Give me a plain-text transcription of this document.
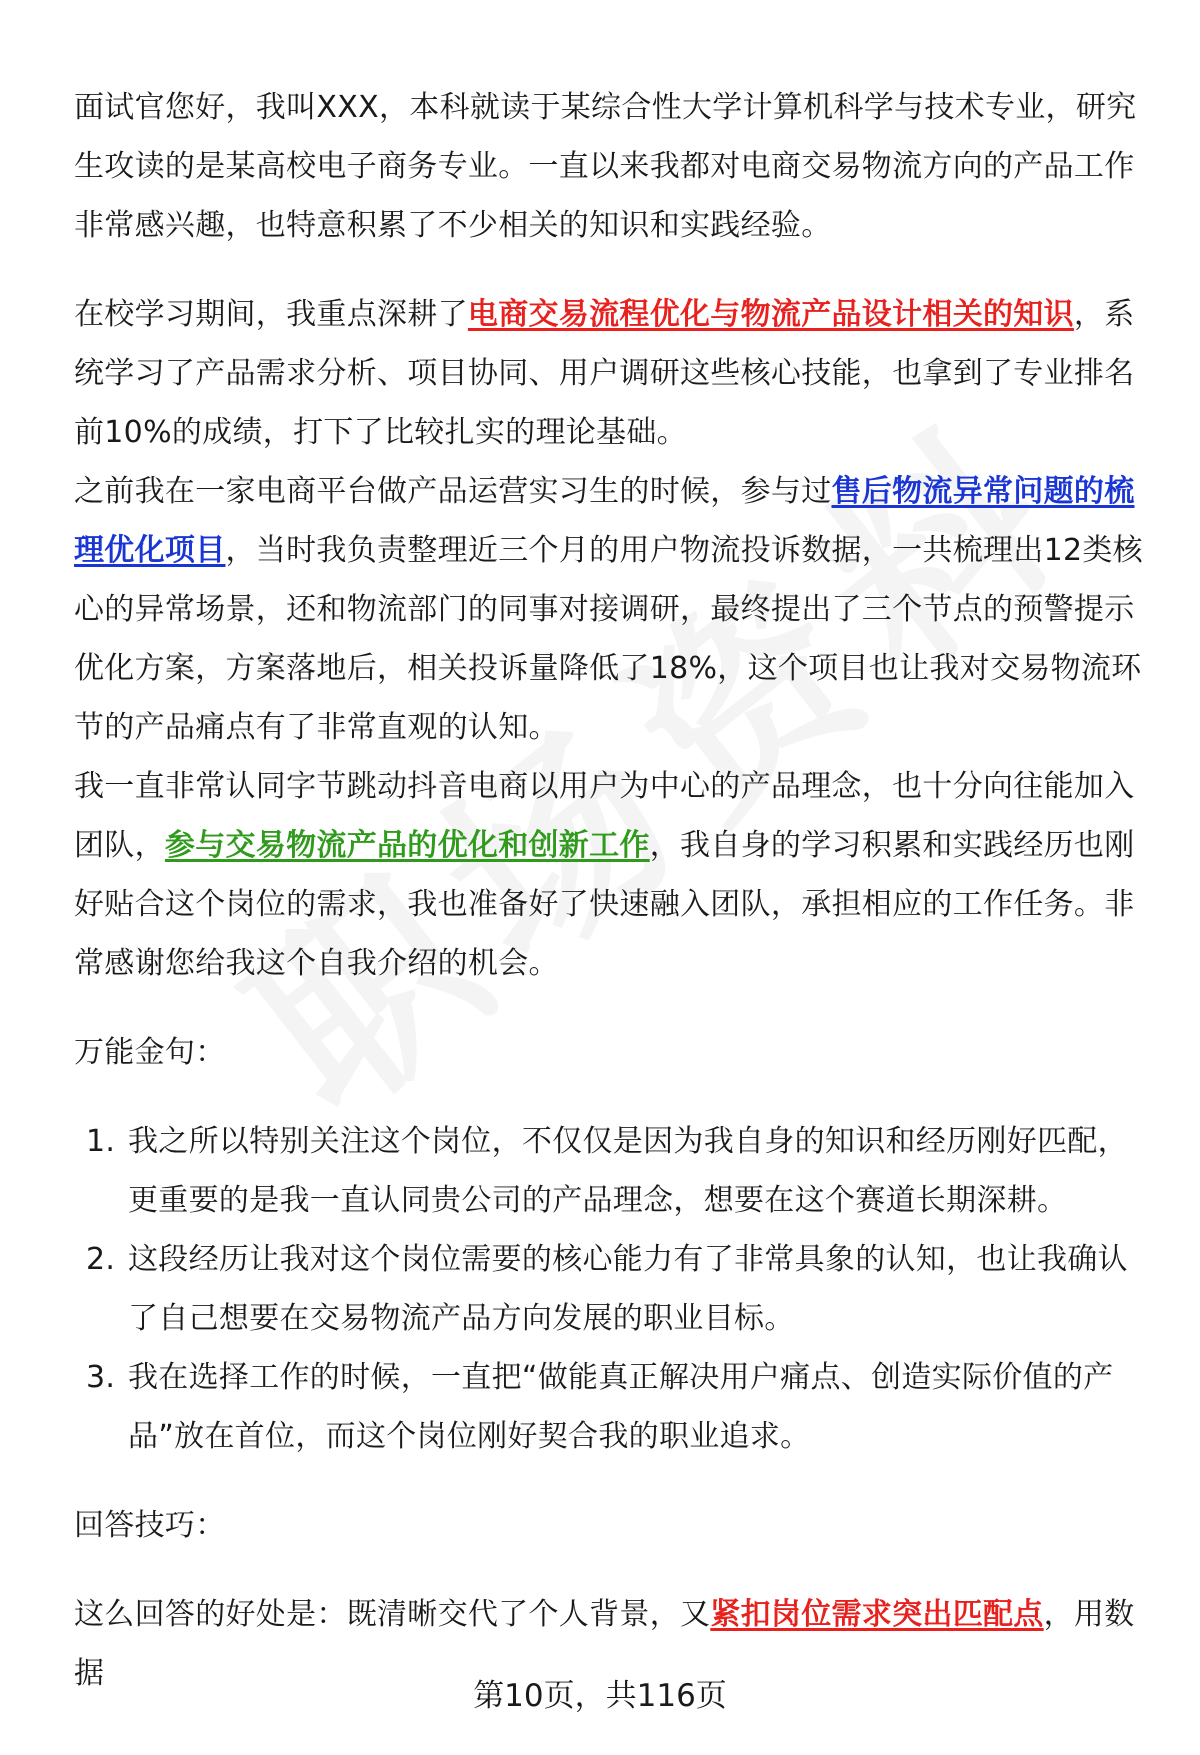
面试官您好，我叫XXX，本科就读于某综合性大学计算机科学与技术专业，研究生攻读的是某高校电子商务专业。一直以来我都对电商交易物流方向的产品工作非常感兴趣，也特意积累了不少相关的知识和实践经验。

在校学习期间，我重点深耕了电商交易流程优化与物流产品设计相关的知识，系统学习了产品需求分析、项目协同、用户调研这些核心技能，也拿到了专业排名前10%的成绩，打下了比较扎实的理论基础。

之前我在一家电商平台做产品运营实习生的时候，参与过售后物流异常问题的梳理优化项目，当时我负责整理近三个月的用户物流投诉数据，一共梳理出12类核心的异常场景，还和物流部门的同事对接调研，最终提出了三个节点的预警提示优化方案，方案落地后，相关投诉量降低了18%，这个项目也让我对交易物流环节的产品痛点有了非常直观的认知。

我一直非常认同字节跳动抖音电商以用户为中心的产品理念，也十分向往能加入团队，参与交易物流产品的优化和创新工作，我自身的学习积累和实践经历也刚好贴合这个岗位的需求，我也准备好了快速融入团队，承担相应的工作任务。非常感谢您给我这个自我介绍的机会。

万能金句：

1. 我之所以特别关注这个岗位，不仅仅是因为我自身的知识和经历刚好匹配，更重要的是我一直认同贵公司的产品理念，想要在这个赛道长期深耕。
2. 这段经历让我对这个岗位需要的核心能力有了非常具象的认知，也让我确认了自己想要在交易物流产品方向发展的职业目标。
3. 我在选择工作的时候，一直把“做能真正解决用户痛点、创造实际价值的产品”放在首位，而这个岗位刚好契合我的职业追求。

回答技巧：

这么回答的好处是：既清晰交代了个人背景，又紧扣岗位需求突出匹配点，用数据

第10页，共116页
